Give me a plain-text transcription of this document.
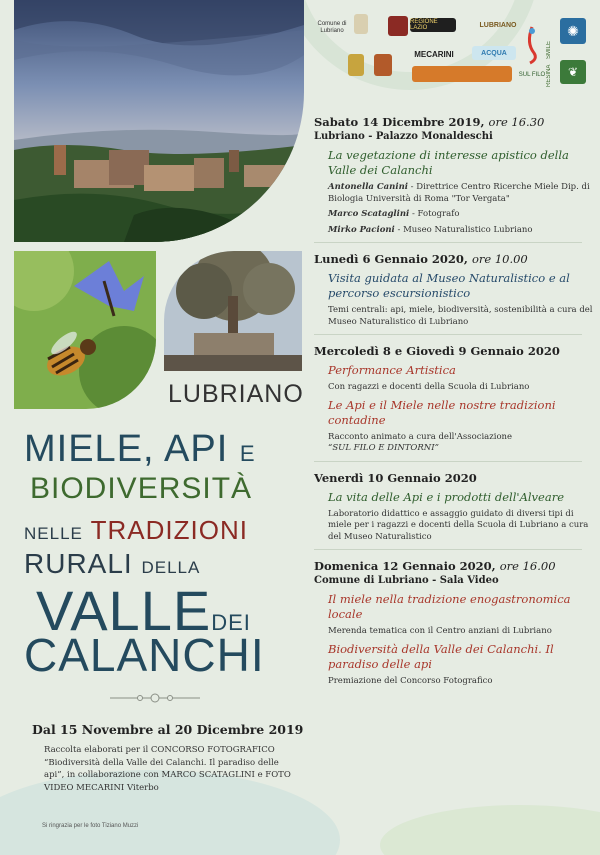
Comune di Lubriano
REGIONE LAZIO	LUBRIANO
SUL FILO
SMILE
✺
RESINA	❦
MECARINI	ACQUA
LUBRIANO
MIELE, API E
BIODIVERSITÀ
NELLE TRADIZIONI
RURALI DELLA
VALLEDEI
CALANCHI
Dal 15 Novembre al 20 Dicembre 2019
Raccolta elaborati per il CONCORSO FOTOGRAFICO “Biodiversità della Valle dei Calanchi. Il paradiso delle api”, in collaborazione con MARCO SCATAGLINI e FOTO VIDEO MECARINI Viterbo
Si ringrazia per le foto Tiziano Muzzi
Sabato 14 Dicembre 2019, ore 16.30
Lubriano - Palazzo Monaldeschi
La vegetazione di interesse apistico della Valle dei Calanchi
Antonella Canini - Direttrice Centro Ricerche Miele Dip. di Biologia Università di Roma "Tor Vergata"
Marco Scataglini - Fotografo
Mirko Pacioni - Museo Naturalistico Lubriano
Lunedì 6 Gennaio 2020, ore 10.00
Visita guidata al Museo Naturalistico e al percorso escursionistico
Temi centrali: api, miele, biodiversità, sostenibilità a cura del Museo Naturalistico di Lubriano
Mercoledì 8 e Giovedì 9 Gennaio 2020
Performance Artistica
Con ragazzi e docenti della Scuola di Lubriano
Le Api e il Miele nelle nostre tradizioni contadine
Racconto animato a cura dell'Associazione
“SUL FILO E DINTORNI”
Venerdì 10 Gennaio 2020
La vita delle Api e i prodotti dell'Alveare
Laboratorio didattico e assaggio guidato di diversi tipi di miele per i ragazzi e docenti della Scuola di Lubriano a cura del Museo Naturalistico
Domenica 12 Gennaio 2020, ore 16.00
Comune di Lubriano - Sala Video
Il miele nella tradizione enogastronomica locale
Merenda tematica con il Centro anziani di Lubriano
Biodiversità della Valle dei Calanchi. Il paradiso delle api
Premiazione del Concorso Fotografico
